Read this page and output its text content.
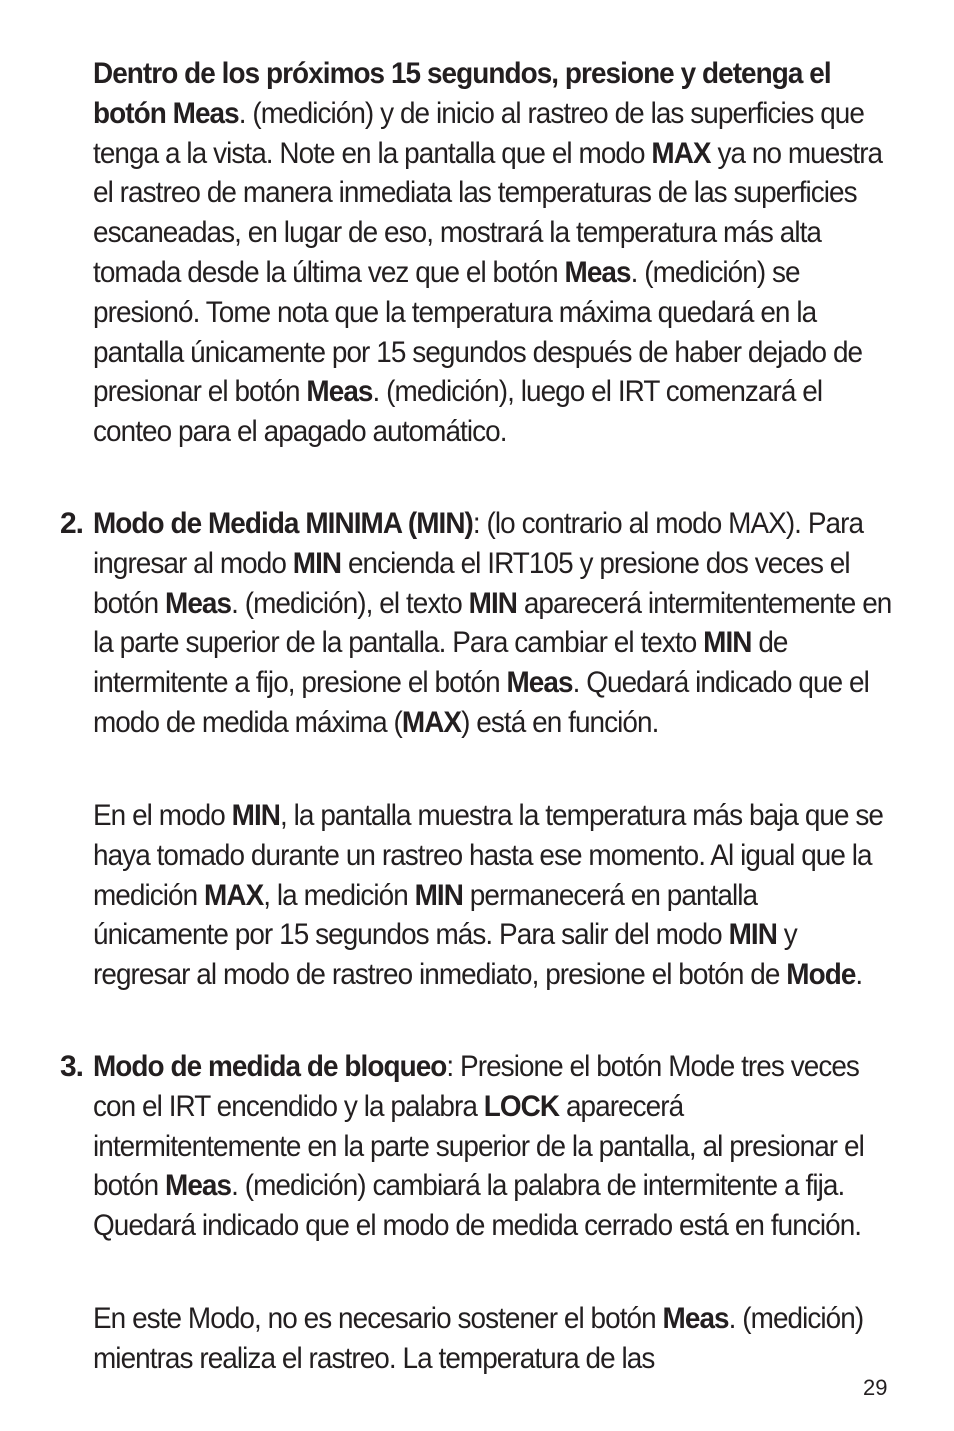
Dentro de los próximos 15 segundos, presione y detenga el botón Meas. (medición) y de inicio al rastreo de las superficies que tenga a la vista. Note en la pantalla que el modo MAX ya no muestra el rastreo de manera inmediata las temperaturas de las superficies escaneadas, en lugar de eso, mostrará la temperatura más alta tomada desde la última vez que el botón Meas. (medición) se presionó. Tome nota que la temperatura máxima quedará en la pantalla únicamente por 15 segundos después de haber dejado de presionar el botón Meas. (medición), luego el IRT comenzará el conteo para el apagado automático.

2. Modo de Medida MINIMA (MIN): (lo contrario al modo MAX). Para ingresar al modo MIN encienda el IRT105 y presione dos veces el botón Meas. (medición), el texto MIN aparecerá intermitentemente en la parte superior de la pantalla. Para cambiar el texto MIN de intermitente a fijo, presione el botón Meas. Quedará indicado que el modo de medida máxima (MAX) está en función.

En el modo MIN, la pantalla muestra la temperatura más baja que se haya tomado durante un rastreo hasta ese momento. Al igual que la medición MAX, la medición MIN permanecerá en pantalla únicamente por 15 segundos más. Para salir del modo MIN y regresar al modo de rastreo inmediato, presione el botón de Mode.

3. Modo de medida de bloqueo: Presione el botón Mode tres veces con el IRT encendido y la palabra LOCK aparecerá intermitentemente en la parte superior de la pantalla, al presionar el botón Meas. (medición) cambiará la palabra de intermitente a fija. Quedará indicado que el modo de medida cerrado está en función.

En este Modo, no es necesario sostener el botón Meas. (medición) mientras realiza el rastreo. La temperatura de las

29
